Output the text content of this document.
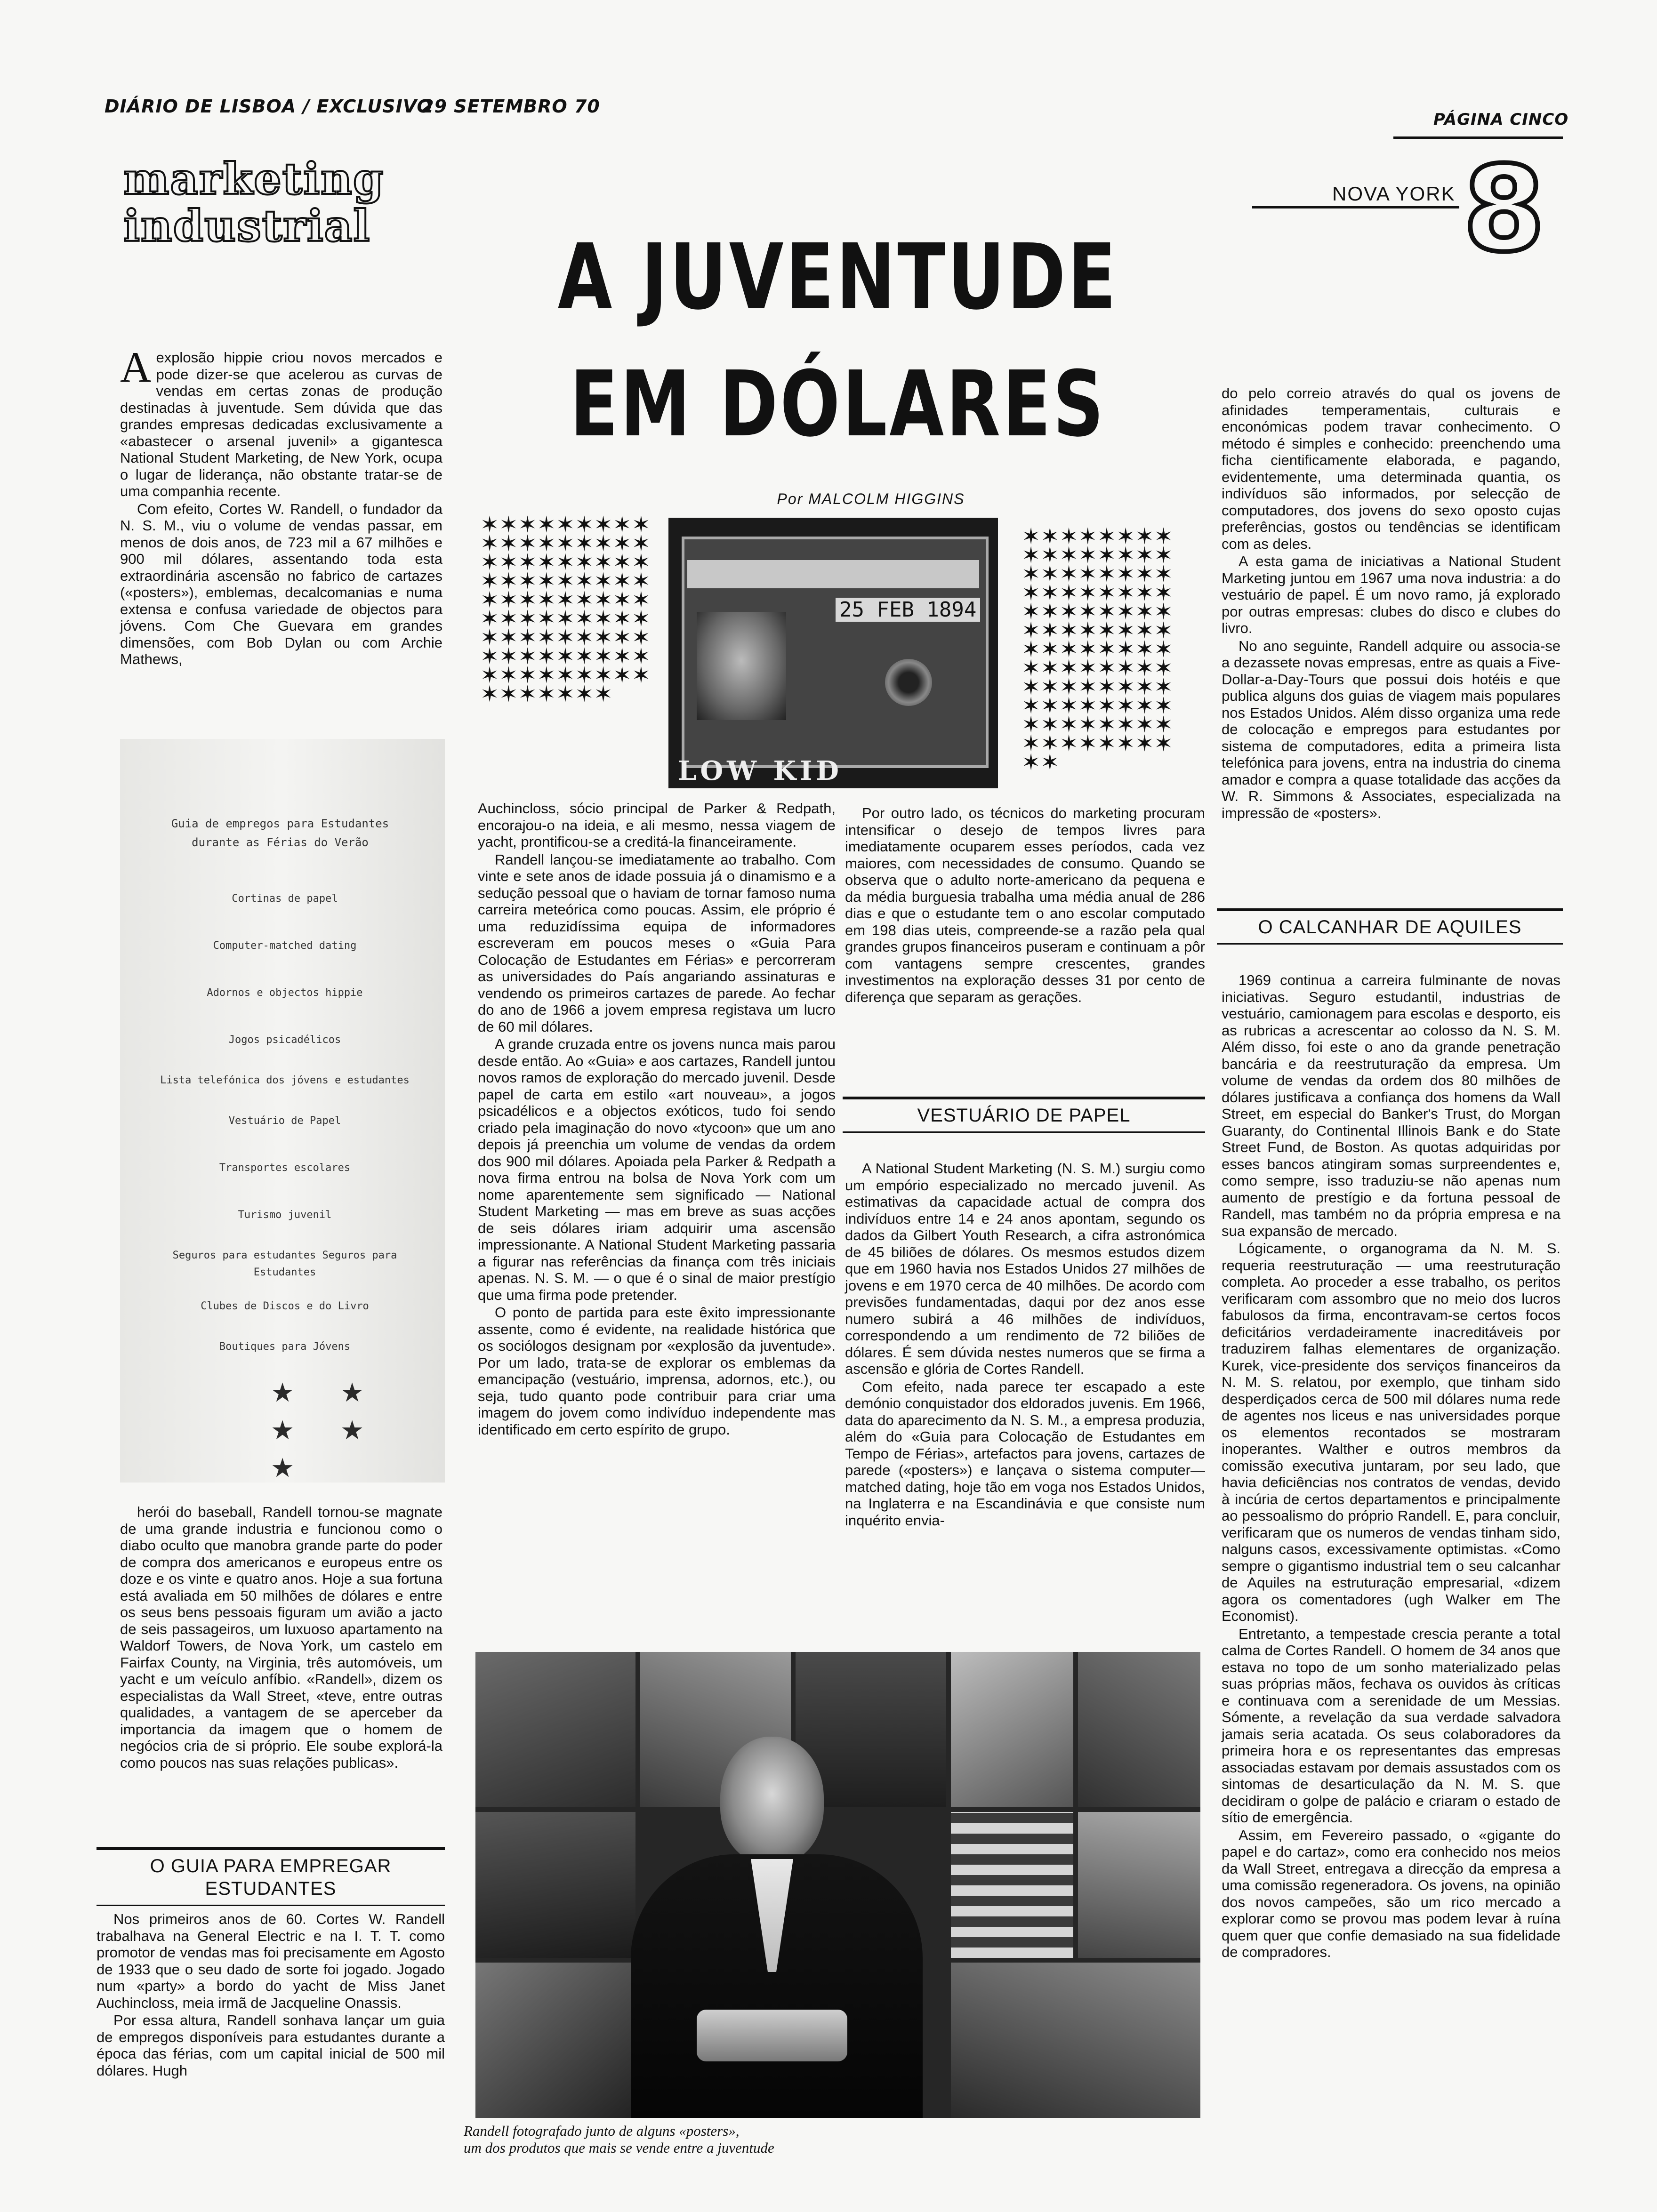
DIÁRIO DE LISBOA / EXCLUSIVO
29 SETEMBRO 70
PÁGINA CINCO
marketing
industrial
NOVA YORK 8
A JUVENTUDE
EM DÓLARES
Por MALCOLM HIGGINS
✶✶✶✶✶✶✶✶✶✶✶✶✶✶✶✶✶✶✶✶✶✶✶✶✶✶✶✶✶✶✶✶✶✶✶✶✶✶✶✶✶✶✶✶✶✶✶✶✶✶✶✶✶✶✶✶✶✶✶✶✶✶✶✶✶✶✶✶✶✶✶✶✶✶✶✶✶✶✶✶✶✶✶✶✶✶✶✶
✶✶✶✶✶✶✶✶✶✶✶✶✶✶✶✶✶✶✶✶✶✶✶✶✶✶✶✶✶✶✶✶✶✶✶✶✶✶✶✶✶✶✶✶✶✶✶✶✶✶✶✶✶✶✶✶✶✶✶✶✶✶✶✶✶✶✶✶✶✶✶✶✶✶✶✶✶✶✶✶✶✶✶✶✶✶✶✶✶✶✶✶✶✶✶✶✶✶
25 FEB 1894
LOW KID

Aexplosão hippie criou novos mercados e pode dizer-se que acelerou as curvas de vendas em certas zonas de produção destinadas à juventude. Sem dúvida que das grandes empresas dedicadas exclusivamente a «abastecer o arsenal juvenil» a gigantesca National Student Marketing, de New York, ocupa o lugar de liderança, não obstante tratar-se de uma companhia recente.

Com efeito, Cortes W. Randell, o fundador da N. S. M., viu o volume de vendas passar, em menos de dois anos, de 723 mil a 67 milhões e 900 mil dólares, assentando toda esta extraordinária ascensão no fabrico de cartazes («posters»), emblemas, decalcomanias e numa extensa e confusa variedade de objectos para jóvens. Com Che Guevara em grandes dimensões, com Bob Dylan ou com Archie Mathews,

Guia de empregos para Estudantes durante as Férias do Verão
Cortinas de papel
Computer-matched dating
Adornos e objectos hippie
Jogos psicadélicos
Lista telefónica dos jóvens e estudantes
Vestuário de Papel
Transportes escolares
Turismo juvenil
Seguros para estudantes Seguros para Estudantes
Clubes de Discos e do Livro
Boutiques para Jóvens
★ ★
★ ★ ★

herói do baseball, Randell tornou-se magnate de uma grande industria e funcionou como o diabo oculto que manobra grande parte do poder de compra dos americanos e europeus entre os doze e os vinte e quatro anos. Hoje a sua fortuna está avaliada em 50 milhões de dólares e entre os seus bens pessoais figuram um avião a jacto de seis passageiros, um luxuoso apartamento na Waldorf Towers, de Nova York, um castelo em Fairfax County, na Virginia, três automóveis, um yacht e um veículo anfíbio. «Randell», dizem os especialistas da Wall Street, «teve, entre outras qualidades, a vantagem de se aperceber da importancia da imagem que o homem de negócios cria de si próprio. Ele soube explorá-la como poucos nas suas relações publicas».

O GUIA PARA EMPREGAR ESTUDANTES

Nos primeiros anos de 60. Cortes W. Randell trabalhava na General Electric e na I. T. T. como promotor de vendas mas foi precisamente em Agosto de 1933 que o seu dado de sorte foi jogado. Jogado num «party» a bordo do yacht de Miss Janet Auchincloss, meia irmã de Jacqueline Onassis.

Por essa altura, Randell sonhava lançar um guia de empregos disponíveis para estudantes durante a época das férias, com um capital inicial de 500 mil dólares. Hugh

Auchincloss, sócio principal de Parker & Redpath, encorajou-o na ideia, e ali mesmo, nessa viagem de yacht, prontificou-se a creditá-la financeiramente.

Randell lançou-se imediatamente ao trabalho. Com vinte e sete anos de idade possuia já o dinamismo e a sedução pessoal que o haviam de tornar famoso numa carreira meteórica como poucas. Assim, ele próprio é uma reduzidíssima equipa de informadores escreveram em poucos meses o «Guia Para Colocação de Estudantes em Férias» e percorreram as universidades do País angariando assinaturas e vendendo os primeiros cartazes de parede. Ao fechar do ano de 1966 a jovem empresa registava um lucro de 60 mil dólares.

A grande cruzada entre os jovens nunca mais parou desde então. Ao «Guia» e aos cartazes, Randell juntou novos ramos de exploração do mercado juvenil. Desde papel de carta em estilo «art nouveau», a jogos psicadélicos e a objectos exóticos, tudo foi sendo criado pela imaginação do novo «tycoon» que um ano depois já preenchia um volume de vendas da ordem dos 900 mil dólares. Apoiada pela Parker & Redpath a nova firma entrou na bolsa de Nova York com um nome aparentemente sem significado — National Student Marketing — mas em breve as suas acções de seis dólares iriam adquirir uma ascensão impressionante. A National Student Marketing passaria a figurar nas referências da finança com três iniciais apenas. N. S. M. — o que é o sinal de maior prestígio que uma firma pode pretender.

O ponto de partida para este êxito impressionante assente, como é evidente, na realidade histórica que os sociólogos designam por «explosão da juventude». Por um lado, trata-se de explorar os emblemas da emancipação (vestuário, imprensa, adornos, etc.), ou seja, tudo quanto pode contribuir para criar uma imagem do jovem como indivíduo independente mas identificado em certo espírito de grupo.

Por outro lado, os técnicos do marketing procuram intensificar o desejo de tempos livres para imediatamente ocuparem esses períodos, cada vez maiores, com necessidades de consumo. Quando se observa que o adulto norte-americano da pequena e da média burguesia trabalha uma média anual de 286 dias e que o estudante tem o ano escolar computado em 198 dias uteis, compreende-se a razão pela qual grandes grupos financeiros puseram e continuam a pôr com vantagens sempre crescentes, grandes investimentos na exploração desses 31 por cento de diferença que separam as gerações.

VESTUÁRIO DE PAPEL

A National Student Marketing (N. S. M.) surgiu como um empório especializado no mercado juvenil. As estimativas da capacidade actual de compra dos indivíduos entre 14 e 24 anos apontam, segundo os dados da Gilbert Youth Research, a cifra astronómica de 45 biliões de dólares. Os mesmos estudos dizem que em 1960 havia nos Estados Unidos 27 milhões de jovens e em 1970 cerca de 40 milhões. De acordo com previsões fundamentadas, daqui por dez anos esse numero subirá a 46 milhões de indivíduos, correspondendo a um rendimento de 72 biliões de dólares. É sem dúvida nestes numeros que se firma a ascensão e glória de Cortes Randell.

Com efeito, nada parece ter escapado a este demónio conquistador dos eldorados juvenis. Em 1966, data do aparecimento da N. S. M., a empresa produzia, além do «Guia para Colocação de Estudantes em Tempo de Férias», artefactos para jovens, cartazes de parede («posters») e lançava o sistema computer—matched dating, hoje tão em voga nos Estados Unidos, na Inglaterra e na Escandinávia e que consiste num inquérito envia-

do pelo correio através do qual os jovens de afinidades temperamentais, culturais e enconómicas podem travar conhecimento. O método é simples e conhecido: preenchendo uma ficha cientificamente elaborada, e pagando, evidentemente, uma determinada quantia, os indivíduos são informados, por selecção de computadores, dos jovens do sexo oposto cujas preferências, gostos ou tendências se identificam com as deles.

A esta gama de iniciativas a National Student Marketing juntou em 1967 uma nova industria: a do vestuário de papel. É um novo ramo, já explorado por outras empresas: clubes do disco e clubes do livro.

No ano seguinte, Randell adquire ou associa-se a dezassete novas empresas, entre as quais a Five-Dollar-a-Day-Tours que possui dois hotéis e que publica alguns dos guias de viagem mais populares nos Estados Unidos. Além disso organiza uma rede de colocação e empregos para estudantes por sistema de computadores, edita a primeira lista telefónica para jovens, entra na industria do cinema amador e compra a quase totalidade das acções da W. R. Simmons & Associates, especializada na impressão de «posters».

O CALCANHAR DE AQUILES

1969 continua a carreira fulminante de novas iniciativas. Seguro estudantil, industrias de vestuário, camionagem para escolas e desporto, eis as rubricas a acrescentar ao colosso da N. S. M. Além disso, foi este o ano da grande penetração bancária e da reestruturação da empresa. Um volume de vendas da ordem dos 80 milhões de dólares justificava a confiança dos homens da Wall Street, em especial do Banker's Trust, do Morgan Guaranty, do Continental Illinois Bank e do State Street Fund, de Boston. As quotas adquiridas por esses bancos atingiram somas surpreendentes e, como sempre, isso traduziu-se não apenas num aumento de prestígio e da fortuna pessoal de Randell, mas também no da própria empresa e na sua expansão de mercado.

Lógicamente, o organograma da N. M. S. requeria reestruturação — uma reestruturação completa. Ao proceder a esse trabalho, os peritos verificaram com assombro que no meio dos lucros fabulosos da firma, encontravam-se certos focos deficitários verdadeiramente inacreditáveis por traduzirem falhas elementares de organização. Kurek, vice-presidente dos serviços financeiros da N. M. S. relatou, por exemplo, que tinham sido desperdiçados cerca de 500 mil dólares numa rede de agentes nos liceus e nas universidades porque os elementos recontados se mostraram inoperantes. Walther e outros membros da comissão executiva juntaram, por seu lado, que havia deficiências nos contratos de vendas, devido à incúria de certos departamentos e principalmente ao pessoalismo do próprio Randell. E, para concluir, verificaram que os numeros de vendas tinham sido, nalguns casos, excessivamente optimistas. «Como sempre o gigantismo industrial tem o seu calcanhar de Aquiles na estruturação empresarial, «dizem agora os comentadores (ugh Walker em The Economist).

Entretanto, a tempestade crescia perante a total calma de Cortes Randell. O homem de 34 anos que estava no topo de um sonho materializado pelas suas próprias mãos, fechava os ouvidos às críticas e continuava com a serenidade de um Messias. Sómente, a revelação da sua verdade salvadora jamais seria acatada. Os seus colaboradores da primeira hora e os representantes das empresas associadas estavam por demais assustados com os sintomas de desarticulação da N. M. S. que decidiram o golpe de palácio e criaram o estado de sítio de emergência.

Assim, em Fevereiro passado, o «gigante do papel e do cartaz», como era conhecido nos meios da Wall Street, entregava a direcção da empresa a uma comissão regeneradora. Os jovens, na opinião dos novos campeões, são um rico mercado a explorar como se provou mas podem levar à ruína quem quer que confie demasiado na sua fidelidade de compradores.

Randell fotografado junto de alguns «posters»,
um dos produtos que mais se vende entre a juventude
